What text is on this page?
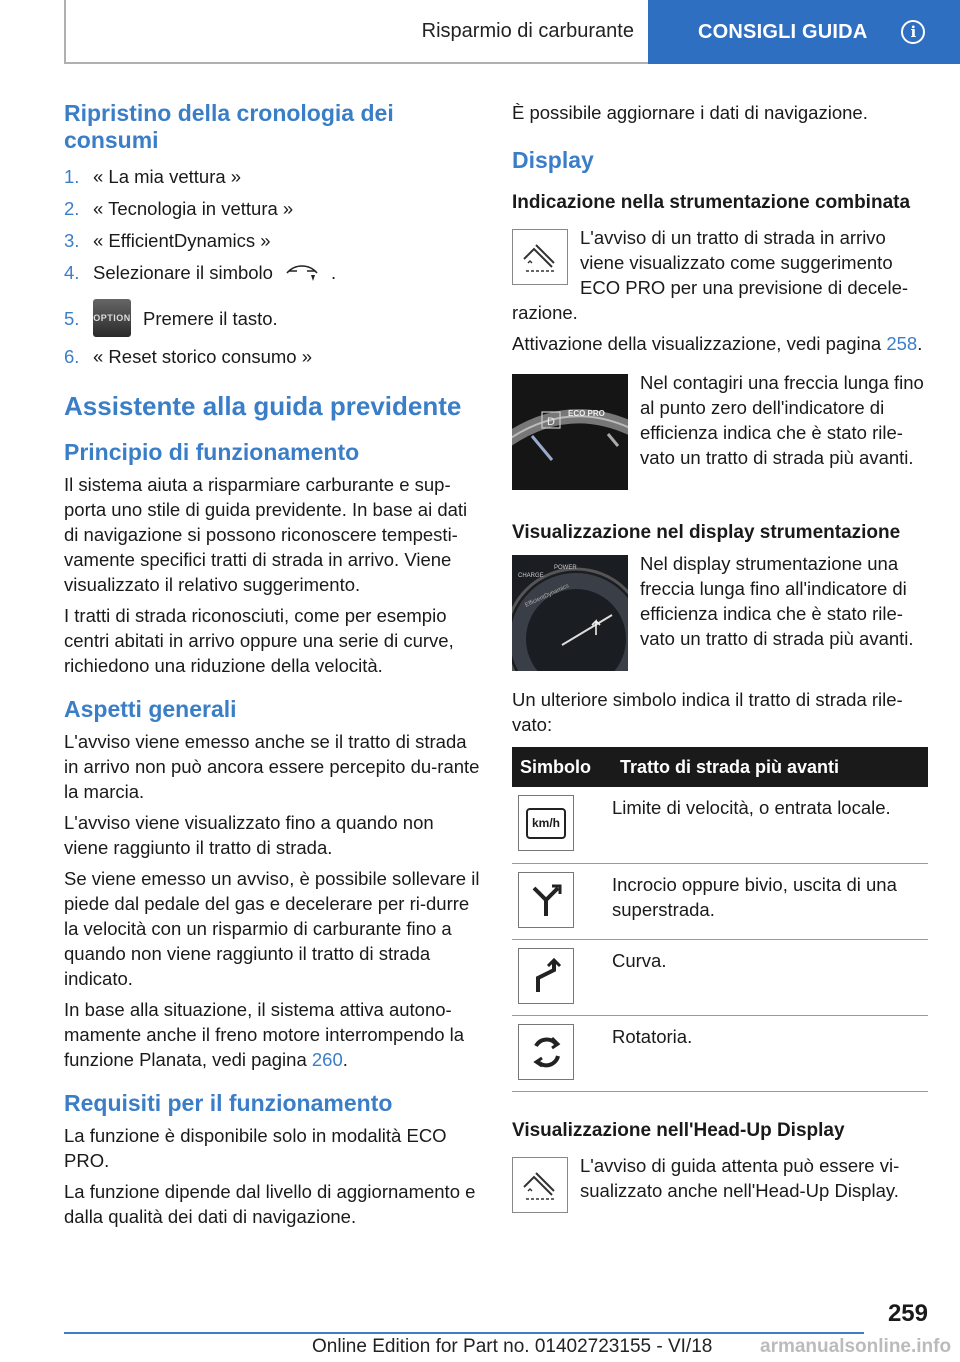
Risparmio di carburante	CONSIGLI GUIDA	i
Ripristino della cronologia dei consumi
1. « La mia vettura »
2. « Tecnologia in vettura »
3. « EfficientDynamics »
4. Selezionare il simbolo	.
5.	OPTION Premere il tasto.
6. « Reset storico consumo »
Assistente alla guida previdente
Principio di funzionamento

Il sistema aiuta a risparmiare carburante e sup-porta uno stile di guida previdente. In base ai dati di navigazione si possono riconoscere tempesti-vamente specifici tratti di strada in arrivo. Viene visualizzato il relativo suggerimento.

I tratti di strada riconosciuti, come per esempio centri abitati in arrivo oppure una serie di curve, richiedono una riduzione della velocità.

Aspetti generali

L'avviso viene emesso anche se il tratto di strada in arrivo non può ancora essere percepito du-rante la marcia.

L'avviso viene visualizzato fino a quando non viene raggiunto il tratto di strada.

Se viene emesso un avviso, è possibile sollevare il piede dal pedale del gas e decelerare per ri-durre la velocità con un risparmio di carburante fino a quando non viene raggiunto il tratto di strada indicato.

In base alla situazione, il sistema attiva autono-mamente anche il freno motore interrompendo la funzione Planata, vedi pagina 260.

Requisiti per il funzionamento

La funzione è disponibile solo in modalità ECO PRO.

La funzione dipende dal livello di aggiornamento e dalla qualità dei dati di navigazione.

È possibile aggiornare i dati di navigazione.

Display
Indicazione nella strumentazione combinata

L'avviso di un tratto di strada in arrivo viene visualizzato come suggerimento ECO PRO per una previsione di decele-razione.

Attivazione della visualizzazione, vedi pagina 258.

D
ECO PRO

Nel contagiri una freccia lunga fino al punto zero dell'indicatore di efficienza indica che è stato rile-vato un tratto di strada più avanti.

Visualizzazione nel display strumentazione
CHARGE
POWER
EfficientDynamics

Nel display strumentazione una freccia lunga fino all'indicatore di efficienza indica che è stato rile-vato un tratto di strada più avanti.

Un ulteriore simbolo indica il tratto di strada rile-vato:

Simbolo	Tratto di strada più avanti

km/h	Limite di velocità, o entrata locale.

	Incrocio oppure bivio, uscita di una superstrada.

	Curva.

	Rotatoria.
Visualizzazione nell'Head-Up Display

L'avviso di guida attenta può essere vi-sualizzato anche nell'Head-Up Display.

259
Online Edition for Part no. 01402723155 - VI/18	armanualsonline.info
